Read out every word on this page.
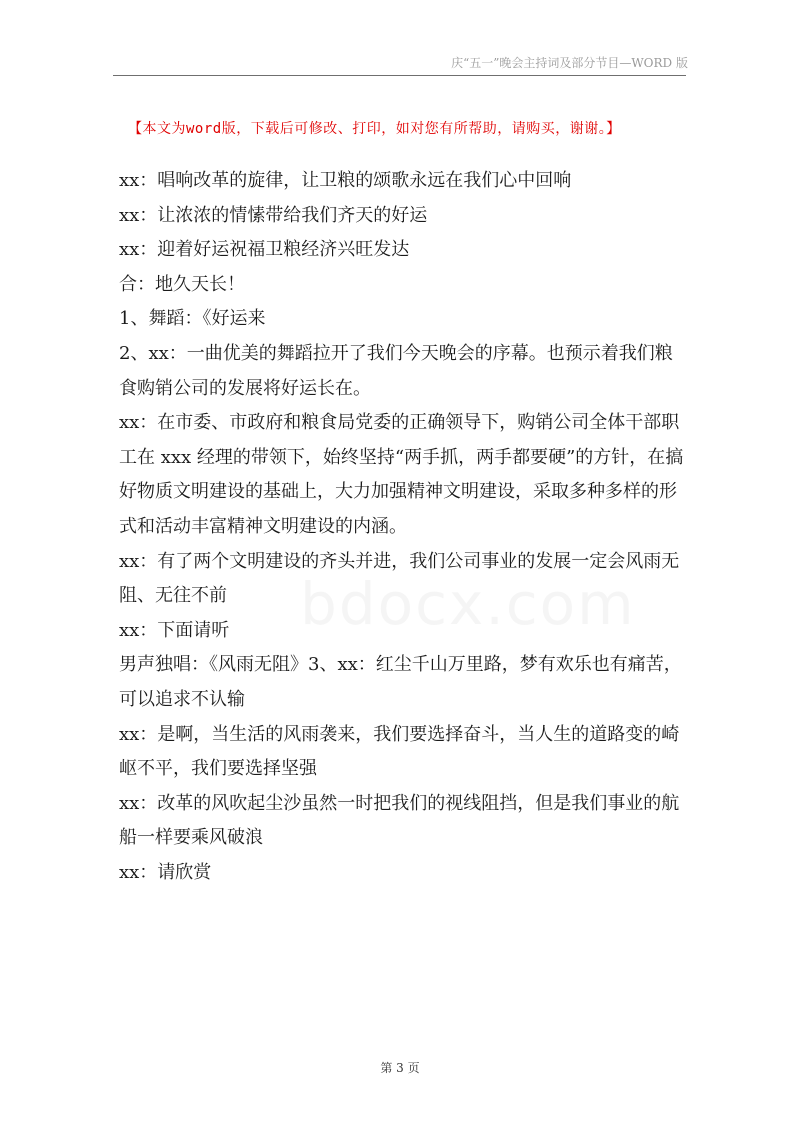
庆“五一”晚会主持词及部分节目—WORD 版
【本文为word版，下载后可修改、打印，如对您有所帮助，请购买，谢谢。】
bdocx.com

xx：唱响改革的旋律，让卫粮的颂歌永远在我们心中回响

xx：让浓浓的情愫带给我们齐天的好运

xx：迎着好运祝福卫粮经济兴旺发达

合：地久天长！

1、舞蹈：《好运来

2、xx：一曲优美的舞蹈拉开了我们今天晚会的序幕。也预示着我们粮食购销公司的发展将好运长在。

xx：在市委、市政府和粮食局党委的正确领导下，购销公司全体干部职工在 xxx 经理的带领下，始终坚持“两手抓，两手都要硬”的方针，在搞好物质文明建设的基础上，大力加强精神文明建设，采取多种多样的形式和活动丰富精神文明建设的内涵。

xx：有了两个文明建设的齐头并进，我们公司事业的发展一定会风雨无阻、无往不前

xx：下面请听

男声独唱：《风雨无阻》3、xx：红尘千山万里路，梦有欢乐也有痛苦，可以追求不认输

xx：是啊，当生活的风雨袭来，我们要选择奋斗，当人生的道路变的崎岖不平，我们要选择坚强

xx：改革的风吹起尘沙虽然一时把我们的视线阻挡，但是我们事业的航船一样要乘风破浪

xx：请欣赏

第 3 页
